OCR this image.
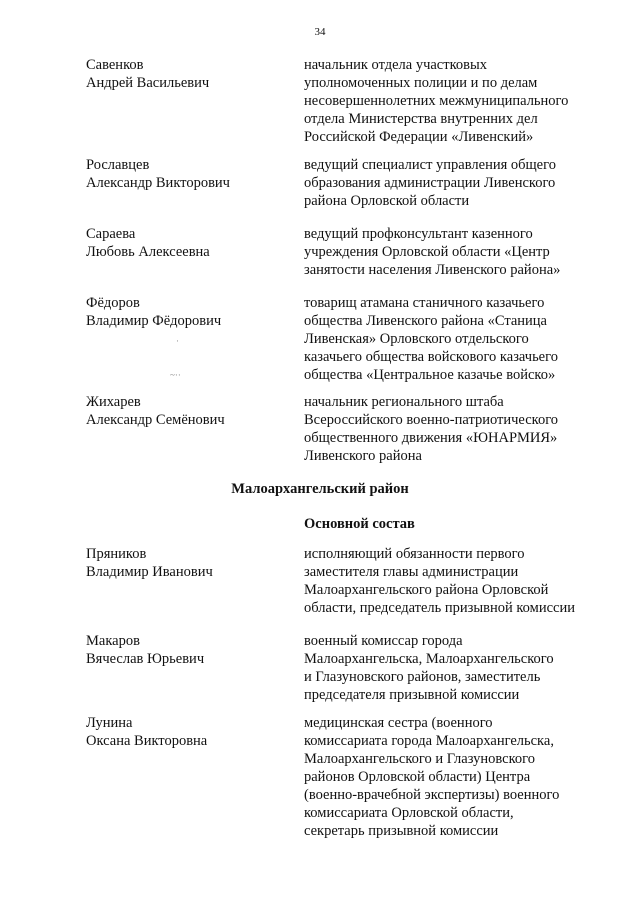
34
Савенков
Андрей Васильевич
начальник отдела участковых
уполномоченных полиции и по делам
несовершеннолетних межмуниципального
отдела Министерства внутренних дел
Российской Федерации «Ливенский»
Рославцев
Александр Викторович
ведущий специалист управления общего
образования администрации Ливенского
района Орловской области
Сараева
Любовь Алексеевна
ведущий профконсультант казенного
учреждения Орловской области «Центр
занятости населения Ливенского района»
Фёдоров
Владимир Фёдорович
товарищ атамана станичного казачьего
общества Ливенского района «Станица
Ливенская» Орловского отдельского
казачьего общества войскового казачьего
общества «Центральное казачье войско»
·
~··
Жихарев
Александр Семёнович
начальник регионального штаба
Всероссийского военно-патриотического
общественного движения «ЮНАРМИЯ»
Ливенского района
Малоархангельский район
Основной состав
Пряников
Владимир Иванович
исполняющий обязанности первого
заместителя главы администрации
Малоархангельского района Орловской
области, председатель призывной комиссии
Макаров
Вячеслав Юрьевич
военный комиссар города
Малоархангельска, Малоархангельского
и Глазуновского районов, заместитель
председателя призывной комиссии
Лунина
Оксана Викторовна
медицинская сестра (военного
комиссариата города Малоархангельска,
Малоархангельского и Глазуновского
районов Орловской области) Центра
(военно-врачебной экспертизы) военного
комиссариата Орловской области,
секретарь призывной комиссии
